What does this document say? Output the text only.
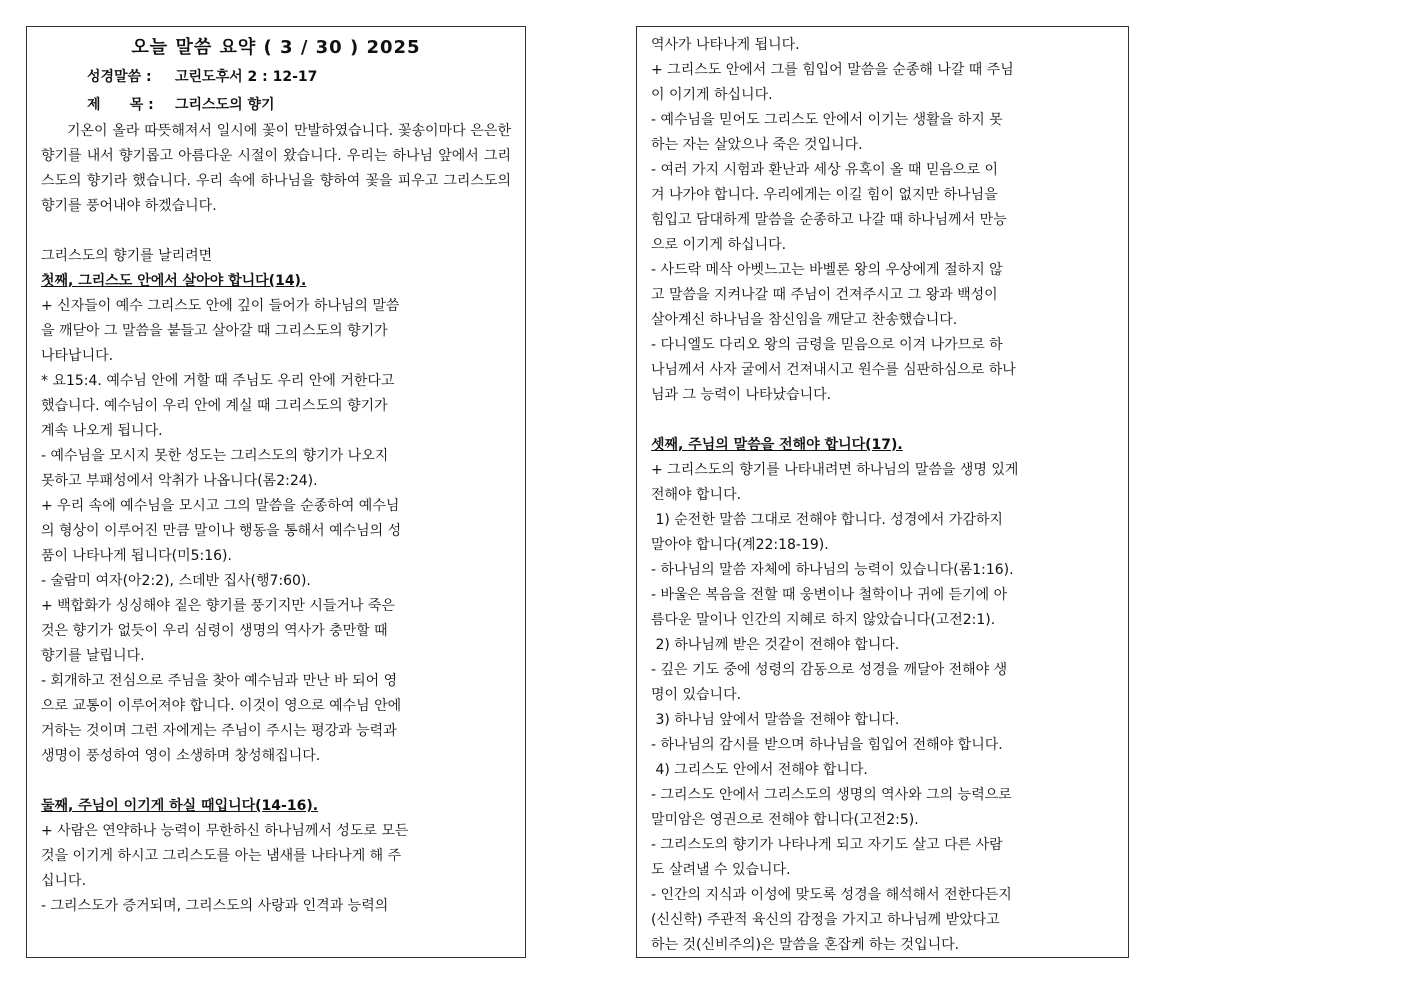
오늘 말씀 요약 ( 3 / 30 ) 2025
성경말씀 : 고린도후서 2 : 12-17
제      목 : 그리스도의 향기

기온이 올라 따뜻해져서 일시에 꽃이 만발하였습니다. 꽃송이마다 은은한 향기를 내서 향기롭고 아름다운 시절이 왔습니다. 우리는 하나님 앞에서 그리스도의 향기라 했습니다. 우리 속에 하나님을 향하여 꽃을 피우고 그리스도의 향기를 풍어내야 하겠습니다.

그리스도의 향기를 날리려면
첫째, 그리스도 안에서 살아야 합니다(14).
+ 신자들이 예수 그리스도 안에 깊이 들어가 하나님의 말씀
을 깨닫아 그 말씀을 붙들고 살아갈 때 그리스도의 향기가
나타납니다.
* 요15:4. 예수님 안에 거할 때 주님도 우리 안에 거한다고
했습니다. 예수님이 우리 안에 계실 때 그리스도의 향기가
계속 나오게 됩니다.
- 예수님을 모시지 못한 성도는 그리스도의 향기가 나오지
못하고 부패성에서 악취가 나옵니다(롬2:24).
+ 우리 속에 예수님을 모시고 그의 말씀을 순종하여 예수님
의 형상이 이루어진 만큼 말이나 행동을 통해서 예수님의 성
품이 나타나게 됩니다(미5:16).
- 술람미 여자(아2:2), 스데반 집사(행7:60).
+ 백합화가 싱싱해야 짙은 향기를 풍기지만 시들거나 죽은
것은 향기가 없듯이 우리 심령이 생명의 역사가 충만할 때
향기를 날립니다.
- 회개하고 전심으로 주님을 찾아 예수님과 만난 바 되어 영
으로 교통이 이루어져야 합니다. 이것이 영으로 예수님 안에
거하는 것이며 그런 자에게는 주님이 주시는 평강과 능력과
생명이 풍성하여 영이 소생하며 창성해집니다.
둘째, 주님이 이기게 하실 때입니다(14-16).
+ 사람은 연약하나 능력이 무한하신 하나님께서 성도로 모든
것을 이기게 하시고 그리스도를 아는 냄새를 나타나게 해 주
십니다.
- 그리스도가 증거되며, 그리스도의 사랑과 인격과 능력의
역사가 나타나게 됩니다.
+ 그리스도 안에서 그를 힘입어 말씀을 순종해 나갈 때 주님
이 이기게 하십니다.
- 예수님을 믿어도 그리스도 안에서 이기는 생활을 하지 못
하는 자는 살았으나 죽은 것입니다.
- 여러 가지 시험과 환난과 세상 유혹이 올 때 믿음으로 이
겨 나가야 합니다. 우리에게는 이길 힘이 없지만 하나님을
힘입고 담대하게 말씀을 순종하고 나갈 때 하나님께서 만능
으로 이기게 하십니다.
- 사드락 메삭 아벳느고는 바벨론 왕의 우상에게 절하지 않
고 말씀을 지켜나갈 때 주님이 건져주시고 그 왕과 백성이
살아계신 하나님을 참신임을 깨닫고 찬송했습니다.
- 다니엘도 다리오 왕의 금령을 믿음으로 이겨 나가므로 하
나님께서 사자 굴에서 건져내시고 원수를 심판하심으로 하나
님과 그 능력이 나타났습니다.
셋째, 주님의 말씀을 전해야 합니다(17).
+ 그리스도의 향기를 나타내려면 하나님의 말씀을 생명 있게
전해야 합니다.
1) 순전한 말씀 그대로 전해야 합니다. 성경에서 가감하지
말아야 합니다(계22:18-19).
- 하나님의 말씀 자체에 하나님의 능력이 있습니다(롬1:16).
- 바울은 복음을 전할 때 웅변이나 철학이나 귀에 듣기에 아
름다운 말이나 인간의 지혜로 하지 않았습니다(고전2:1).
2) 하나님께 받은 것같이 전해야 합니다.
- 깊은 기도 중에 성령의 감동으로 성경을 깨달아 전해야 생
명이 있습니다.
3) 하나님 앞에서 말씀을 전해야 합니다.
- 하나님의 감시를 받으며 하나님을 힘입어 전해야 합니다.
4) 그리스도 안에서 전해야 합니다.
- 그리스도 안에서 그리스도의 생명의 역사와 그의 능력으로
말미암은 영권으로 전해야 합니다(고전2:5).
- 그리스도의 향기가 나타나게 되고 자기도 살고 다른 사람
도 살려낼 수 있습니다.
- 인간의 지식과 이성에 맞도록 성경을 해석해서 전한다든지
(신신학) 주관적 육신의 감정을 가지고 하나님께 받았다고
하는 것(신비주의)은 말씀을 혼잡케 하는 것입니다.
